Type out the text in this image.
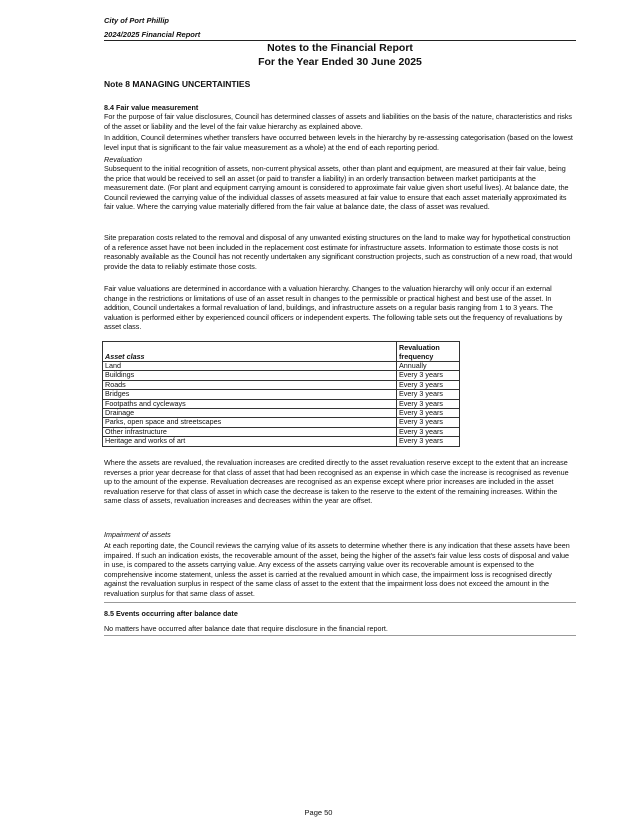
City of Port Phillip
2024/2025 Financial Report
Notes to the Financial Report
For the Year Ended 30 June 2025
Note 8 MANAGING UNCERTAINTIES
8.4 Fair value measurement
For the purpose of fair value disclosures, Council has determined classes of assets and liabilities on the basis of the nature, characteristics and risks of the asset or liability and the level of the fair value hierarchy as explained above.
In addition, Council determines whether transfers have occurred between levels in the hierarchy by re-assessing categorisation (based on the lowest level input that is significant to the fair value measurement as a whole) at the end of each reporting period.
Revaluation
Subsequent to the initial recognition of assets, non-current physical assets, other than plant and equipment, are measured at their fair value, being the price that would be received to sell an asset (or paid to transfer a liability) in an orderly transaction between market participants at the measurement date. (For plant and equipment carrying amount is considered to approximate fair value given short useful lives). At balance date, the Council reviewed the carrying value of the individual classes of assets measured at fair value to ensure that each asset materially approximated its fair value. Where the carrying value materially differed from the fair value at balance date, the class of asset was revalued.
Site preparation costs related to the removal and disposal of any unwanted existing structures on the land to make way for hypothetical construction of a reference asset have not been included in the replacement cost estimate for infrastructure assets. Information to estimate those costs is not reasonably available as the Council has not recently undertaken any significant construction projects, such as construction of a new road, that would provide the data to reliably estimate those costs.
Fair value valuations are determined in accordance with a valuation hierarchy. Changes to the valuation hierarchy will only occur if an external change in the restrictions or limitations of use of an asset result in changes to the permissible or practical highest and best use of the asset. In addition, Council undertakes a formal revaluation of land, buildings, and infrastructure assets on a regular basis ranging from 1 to 3 years. The valuation is performed either by experienced council officers or independent experts. The following table sets out the frequency of revaluations by asset class.
Asset class	Revaluation
frequency
Land	Annually
Buildings	Every 3 years
Roads	Every 3 years
Bridges	Every 3 years
Footpaths and cycleways	Every 3 years
Drainage	Every 3 years
Parks, open space and streetscapes	Every 3 years
Other infrastructure	Every 3 years
Heritage and works of art	Every 3 years
Where the assets are revalued, the revaluation increases are credited directly to the asset revaluation reserve except to the extent that an increase reverses a prior year decrease for that class of asset that had been recognised as an expense in which case the increase is recognised as revenue up to the amount of the expense. Revaluation decreases are recognised as an expense except where prior increases are included in the asset revaluation reserve for that class of asset in which case the decrease is taken to the reserve to the extent of the remaining increases. Within the same class of assets, revaluation increases and decreases within the year are offset.
Impairment of assets
At each reporting date, the Council reviews the carrying value of its assets to determine whether there is any indication that these assets have been impaired. If such an indication exists, the recoverable amount of the asset, being the higher of the asset's fair value less costs of disposal and value in use, is compared to the assets carrying value. Any excess of the assets carrying value over its recoverable amount is expensed to the comprehensive income statement, unless the asset is carried at the revalued amount in which case, the impairment loss is recognised directly against the revaluation surplus in respect of the same class of asset to the extent that the impairment loss does not exceed the amount in the revaluation surplus for that same class of asset.
8.5 Events occurring after balance date
No matters have occurred after balance date that require disclosure in the financial report.
Page 50
